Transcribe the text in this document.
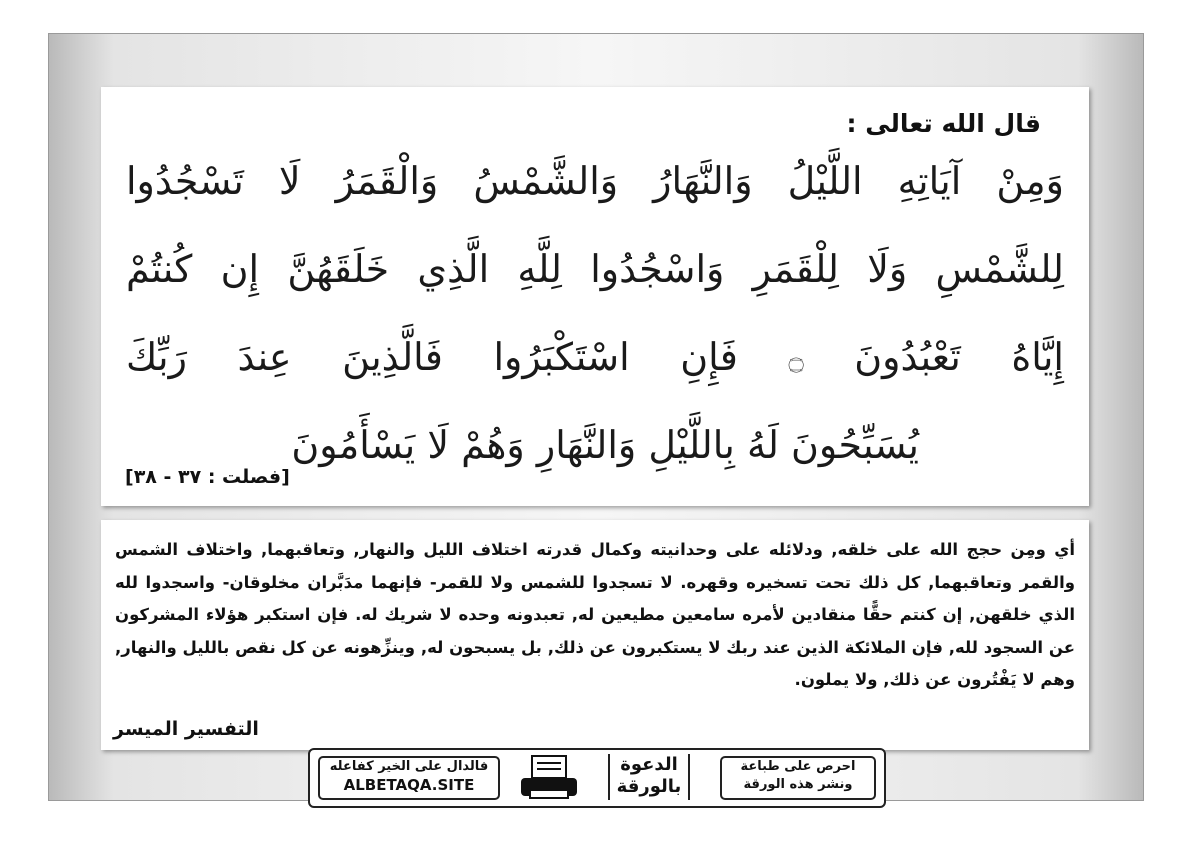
قال الله تعالى :
وَمِنْ آيَاتِهِ اللَّيْلُ وَالنَّهَارُ وَالشَّمْسُ وَالْقَمَرُ لَا تَسْجُدُوا
لِلشَّمْسِ وَلَا لِلْقَمَرِ وَاسْجُدُوا لِلَّهِ الَّذِي خَلَقَهُنَّ إِن كُنتُمْ
إِيَّاهُ تَعْبُدُونَ ۝ فَإِنِ اسْتَكْبَرُوا فَالَّذِينَ عِندَ رَبِّكَ
يُسَبِّحُونَ لَهُ بِاللَّيْلِ وَالنَّهَارِ وَهُمْ لَا يَسْأَمُونَ
[فصلت : ٣٧ - ٣٨]
أي ومِن حجج الله على خلقه, ودلائله على وحدانيته وكمال قدرته اختلاف الليل والنهار, وتعاقبهما, واختلاف الشمس والقمر وتعاقبهما, كل ذلك تحت تسخيره وقهره. لا تسجدوا للشمس ولا للقمر- فإنهما مدَبَّران مخلوقان- واسجدوا لله الذي خلقهن, إن كنتم حقًّا منقادين لأمره سامعين مطيعين له, تعبدونه وحده لا شريك له. فإن استكبر هؤلاء المشركون عن السجود لله, فإن الملائكة الذين عند ربك لا يستكبرون عن ذلك, بل يسبحون له, وينزِّهونه عن كل نقص بالليل والنهار, وهم لا يَفْتُرون عن ذلك, ولا يملون.
التفسير الميسر
فالدال على الخير كفاعله
ALBETAQA.SITE
الدعوة
بالورقة
احرص على طباعة
ونشر هذه الورقة
